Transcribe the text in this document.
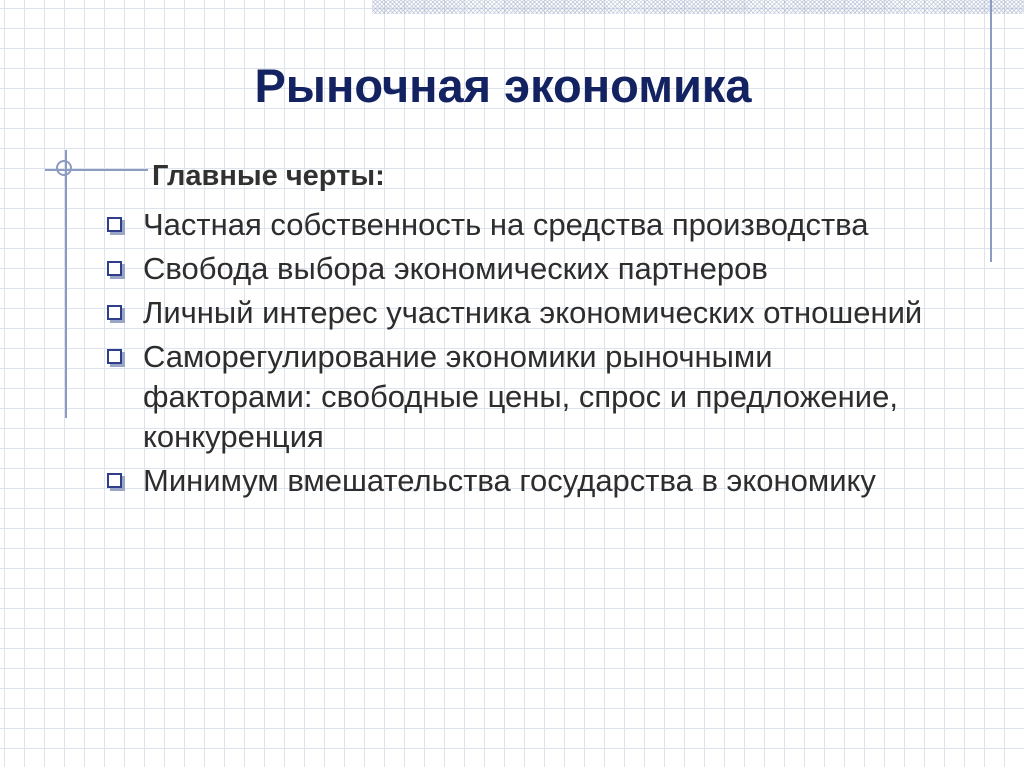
Рыночная экономика
Главные черты:
Частная собственность на средства производства
Свобода выбора экономических партнеров
Личный интерес участника экономических отношений
Саморегулирование экономики рыночными факторами: свободные цены, спрос и предложение, конкуренция
Минимум вмешательства государства в экономику
